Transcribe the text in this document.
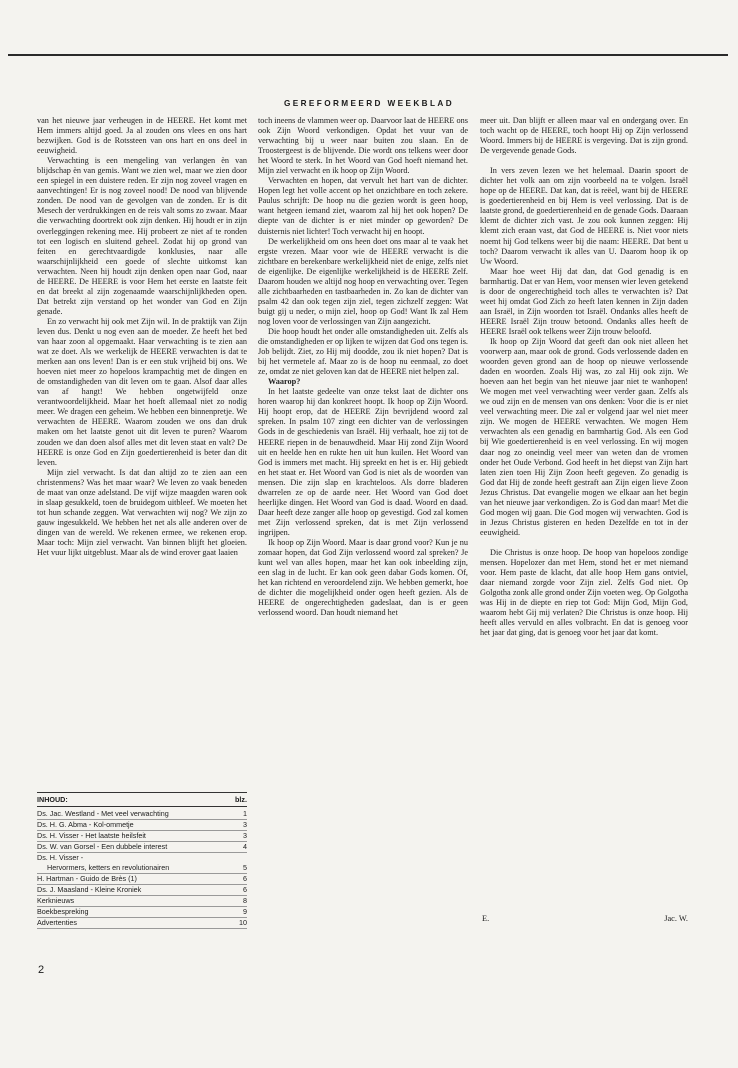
GEREFORMEERD WEEKBLAD

van het nieuwe jaar verheugen in de HEERE. Het komt met Hem immers altijd goed. Ja al zouden ons vlees en ons hart bezwijken. God is de Rotssteen van ons hart en ons deel in eeuwigheid.

Verwachting is een mengeling van verlangen èn van blijdschap èn van gemis. Want we zien wel, maar we zien door een spiegel in een duistere reden. Er zijn nog zoveel vragen en aanvechtingen! Er is nog zoveel nood! De nood van blijvende zonden. De nood van de gevolgen van de zonden. Er is dit Mesech der verdrukkingen en de reis valt soms zo zwaar. Maar die verwachting doortrekt ook zijn denken. Hij houdt er in zijn overleggingen rekening mee. Hij probeert ze niet af te ronden tot een logisch en sluitend geheel. Zodat hij op grond van feiten en gerechtvaardigde konklusies, naar alle waarschijnlijkheid een goede of slechte uitkomst kan verwachten. Neen hij houdt zijn denken open naar God, naar de HEERE. De HEERE is voor Hem het eerste en laatste feit en dat breekt al zijn zogenaamde waarschijnlijkheden open. Dat betrekt zijn verstand op het wonder van God en Zijn genade.

En zo verwacht hij ook met Zijn wil. In de praktijk van Zijn leven dus. Denkt u nog even aan de moeder. Ze heeft het bed van haar zoon al opgemaakt. Haar verwachting is te zien aan wat ze doet. Als we werkelijk de HEERE verwachten is dat te merken aan ons leven! Dan is er een stuk vrijheid bij ons. We hoeven niet meer zo hopeloos krampachtig met de dingen en de omstandigheden van dit leven om te gaan. Alsof daar alles van af hangt! We hebben ongetwijfeld onze verantwoordelijkheid. Maar het hoeft allemaal niet zo nodig meer. We dragen een geheim. We hebben een binnenpretje. We verwachten de HEERE. Waarom zouden we ons dan druk maken om het laatste genot uit dit leven te puren? Waarom zouden we dan doen alsof alles met dit leven staat en valt? De HEERE is onze God en Zijn goedertierenheid is beter dan dit leven.

Mijn ziel verwacht. Is dat dan altijd zo te zien aan een christenmens? Was het maar waar? We leven zo vaak beneden de maat van onze adelstand. De vijf wijze maagden waren ook in slaap gesukkeld, toen de bruidegom uitbleef. We moeten het tot hun schande zeggen. Wat verwachten wij nog? We zijn zo gauw ingesukkeld. We hebben het net als alle anderen over de dingen van de wereld. We rekenen ermee, we rekenen erop. Maar toch: Mijn ziel verwacht. Van binnen blijft het gloeien. Het vuur lijkt uitgeblust. Maar als de wind erover gaat laaien

INHOUD:	blz.
Ds. Jac. Westland - Met veel verwachting	1
Ds. H. G. Abma - Kol-ommetje	3
Ds. H. Visser - Het laatste heilsfeit	3
Ds. W. van Gorsel - Een dubbele interest	4
Ds. H. Visser -
Hervormers, ketters en revolutionairen	5
H. Hartman - Guido de Brès (1)	6
Ds. J. Maasland - Kleine Kroniek	6
Kerknieuws	8
Boekbespreking	9
Advertenties	10

toch ineens de vlammen weer op. Daarvoor laat de HEERE ons ook Zijn Woord verkondigen. Opdat het vuur van de verwachting bij u weer naar buiten zou slaan. En de Troostergeest is de blijvende. Die wordt ons telkens weer door het Woord te sterk. In het Woord van God hoeft niemand het. Mijn ziel verwacht en ik hoop op Zijn Woord.

Verwachten en hopen, dat vervult het hart van de dichter. Hopen legt het volle accent op het onzichtbare en toch zekere. Paulus schrijft: De hoop nu die gezien wordt is geen hoop, want hetgeen iemand ziet, waarom zal hij het ook hopen? De diepte van de dichter is er niet minder op geworden? De duisternis niet lichter! Toch verwacht hij en hoopt.

De werkelijkheid om ons heen doet ons maar al te vaak het ergste vrezen. Maar voor wie de HEERE verwacht is die zichtbare en berekenbare werkelijkheid niet de enige, zelfs niet de eigenlijke. De eigenlijke werkelijkheid is de HEERE Zelf. Daarom houden we altijd nog hoop en verwachting over. Tegen alle zichtbaarheden en tastbaarheden in. Zo kan de dichter van psalm 42 dan ook tegen zijn ziel, tegen zichzelf zeggen: Wat buigt gij u neder, o mijn ziel, hoop op God! Want Ik zal Hem nog loven voor de verlossingen van Zijn aangezicht.

Die hoop houdt het onder alle omstandigheden uit. Zelfs als die omstandigheden er op lijken te wijzen dat God ons tegen is. Job belijdt. Ziet, zo Hij mij doodde, zou ik niet hopen? Dat is bij het vermetele af. Maar zo is de hoop nu eenmaal, zo doet ze, omdat ze niet geloven kan dat de HEERE niet helpen zal.

Waarop?

In het laatste gedeelte van onze tekst laat de dichter ons horen waarop hij dan konkreet hoopt. Ik hoop op Zijn Woord. Hij hoopt erop, dat de HEERE Zijn bevrijdend woord zal spreken. In psalm 107 zingt een dichter van de verlossingen Gods in de geschiedenis van Israël. Hij verhaalt, hoe zij tot de HEERE riepen in de benauwdheid. Maar Hij zond Zijn Woord uit en heelde hen en rukte hen uit hun kuilen. Het Woord van God is immers met macht. Hij spreekt en het is er. Hij gebiedt en het staat er. Het Woord van God is niet als de woorden van mensen. Die zijn slap en krachteloos. Als dorre bladeren dwarrelen ze op de aarde neer. Het Woord van God doet heerlijke dingen. Het Woord van God is daad. Woord en daad. Daar heeft deze zanger alle hoop op gevestigd. God zal komen met Zijn verlossend spreken, dat is met Zijn verlossend ingrijpen.

Ik hoop op Zijn Woord. Maar is daar grond voor? Kun je nu zomaar hopen, dat God Zijn verlossend woord zal spreken? Je kunt wel van alles hopen, maar het kan ook inbeelding zijn, een slag in de lucht. Er kan ook geen dabar Gods komen. Of, het kan richtend en veroordelend zijn. We hebben gemerkt, hoe de dichter die mogelijkheid onder ogen heeft gezien. Als de HEERE de ongerechtigheden gadeslaat, dan is er geen verlossend woord. Dan houdt niemand het

meer uit. Dan blijft er alleen maar val en ondergang over. En toch wacht op de HEERE, toch hoopt Hij op Zijn verlossend Woord. Immers bij de HEERE is vergeving. Dat is zijn grond. De vergevende genade Gods.

In vers zeven lezen we het helemaal. Daarin spoort de dichter het volk aan om zijn voorbeeld na te volgen. Israël hope op de HEERE. Dat kan, dat is reëel, want bij de HEERE is goedertierenheid en bij Hem is veel verlossing. Dat is de laatste grond, de goedertierenheid en de genade Gods. Daaraan klemt de dichter zich vast. Je zou ook kunnen zeggen: Hij klemt zich eraan vast, dat God de HEERE is. Niet voor niets noemt hij God telkens weer bij die naam: HEERE. Dat bent u toch? Daarom verwacht ik alles van U. Daarom hoop ik op Uw Woord.

Maar hoe weet Hij dat dan, dat God genadig is en barmhartig. Dat er van Hem, voor mensen wier leven getekend is door de ongerechtigheid toch alles te verwachten is? Dat weet hij omdat God Zich zo heeft laten kennen in Zijn daden aan Israël, in Zijn woorden tot Israël. Ondanks alles heeft de HEERE Israël Zijn trouw betoond. Ondanks alles heeft de HEERE Israël ook telkens weer Zijn trouw beloofd.

Ik hoop op Zijn Woord dat geeft dan ook niet alleen het voorwerp aan, maar ook de grond. Gods verlossende daden en woorden geven grond aan de hoop op nieuwe verlossende daden en woorden. Zoals Hij was, zo zal Hij ook zijn. We hoeven aan het begin van het nieuwe jaar niet te wanhopen! We mogen met veel verwachting weer verder gaan. Zelfs als we oud zijn en de mensen van ons denken: Voor die is er niet veel verwachting meer. Die zal er volgend jaar wel niet meer zijn. We mogen de HEERE verwachten. We mogen Hem verwachten als een genadig en barmhartig God. Als een God bij Wie goedertierenheid is en veel verlossing. En wij mogen daar nog zo oneindig veel meer van weten dan de vromen onder het Oude Verbond. God heeft in het diepst van Zijn hart laten zien toen Hij Zijn Zoon heeft gegeven. Zo genadig is God dat Hij de zonde heeft gestraft aan Zijn eigen lieve Zoon Jezus Christus. Dat evangelie mogen we elkaar aan het begin van het nieuwe jaar verkondigen. Zo is God dan maar! Met die God mogen wij gaan. Die God mogen wij verwachten. God is in Jezus Christus gisteren en heden Dezelfde en tot in der eeuwigheid.

Die Christus is onze hoop. De hoop van hopeloos zondige mensen. Hopelozer dan met Hem, stond het er met niemand voor. Hem paste de klacht, dat alle hoop Hem gans ontviel, daar niemand zorgde voor Zijn ziel. Zelfs God niet. Op Golgotha zonk alle grond onder Zijn voeten weg. Op Golgotha was Hij in de diepte en riep tot God: Mijn God, Mijn God, waarom hebt Gij mij verlaten? Die Christus is onze hoop. Hij heeft alles vervuld en alles volbracht. En dat is genoeg voor het jaar dat ging, dat is genoeg voor het jaar dat komt.

E.	Jac. W.
2
